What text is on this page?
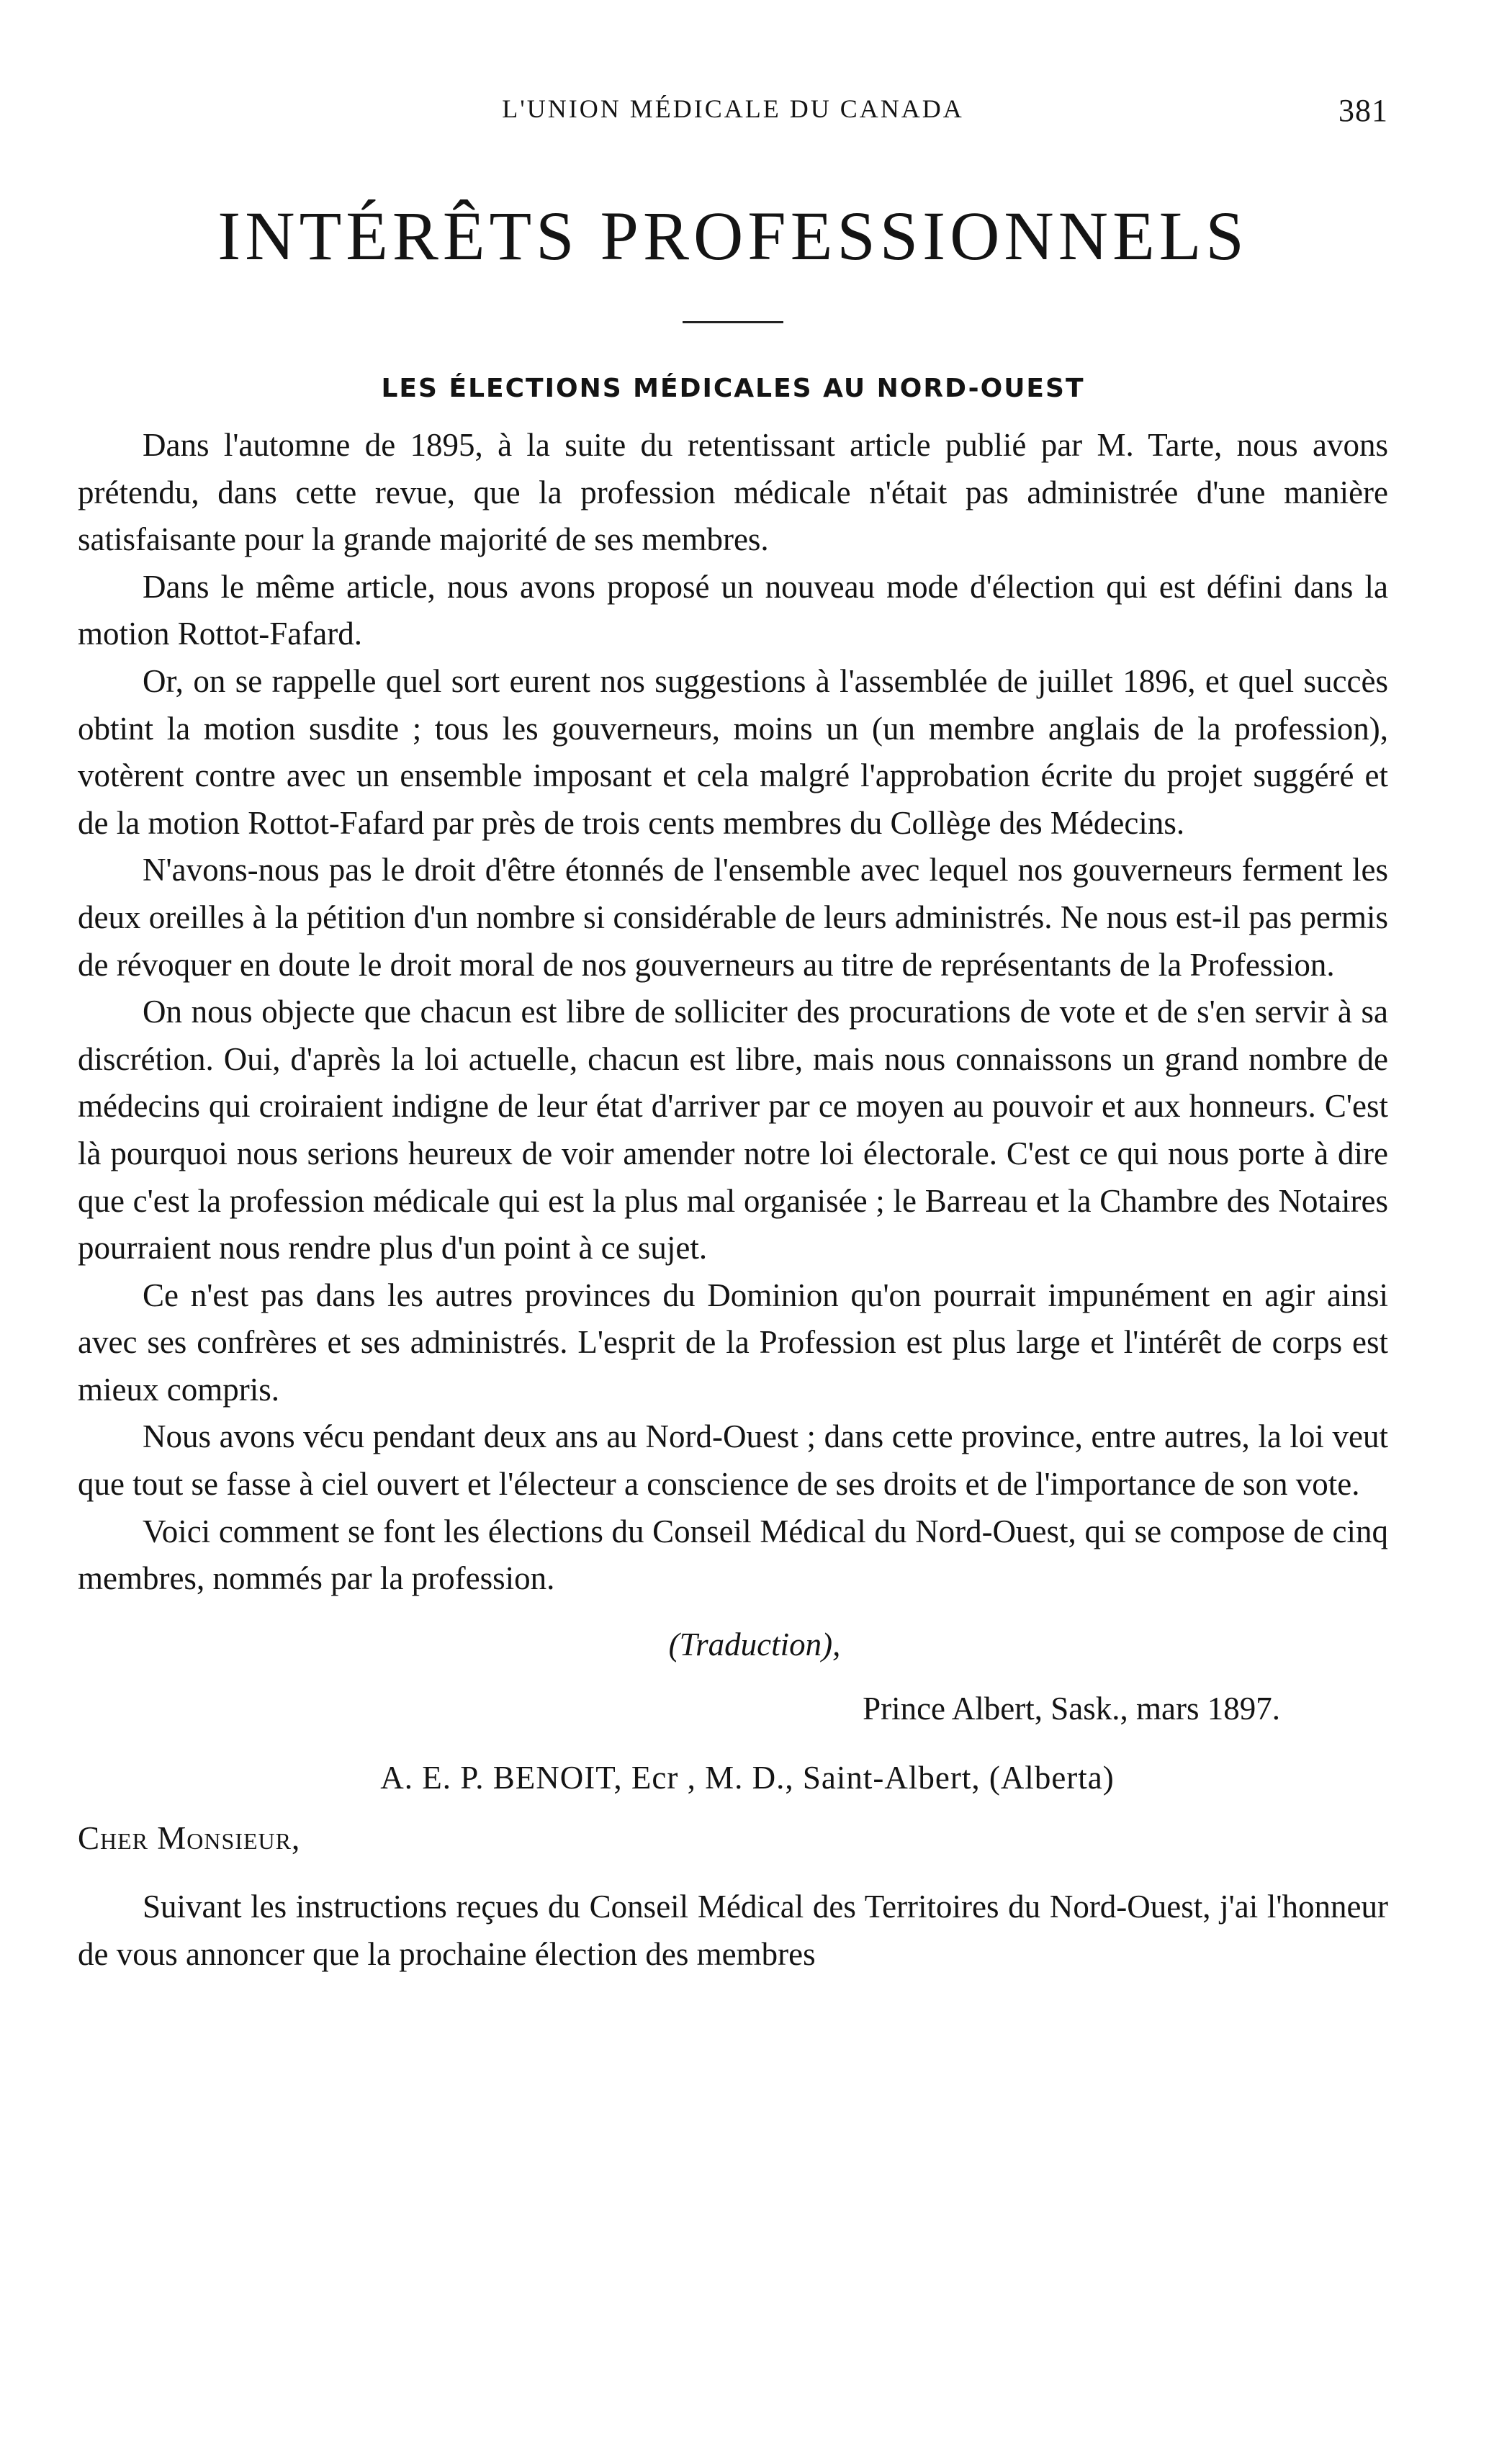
L'UNION MÉDICALE DU CANADA	381
INTÉRÊTS PROFESSIONNELS
LES ÉLECTIONS MÉDICALES AU NORD-OUEST

Dans l'automne de 1895, à la suite du retentissant article publié par M. Tarte, nous avons prétendu, dans cette revue, que la profession médicale n'était pas administrée d'une manière satisfaisante pour la grande majorité de ses membres.

Dans le même article, nous avons proposé un nouveau mode d'élection qui est défini dans la motion Rottot-Fafard.

Or, on se rappelle quel sort eurent nos suggestions à l'assemblée de juillet 1896, et quel succès obtint la motion susdite ; tous les gouverneurs, moins un (un membre anglais de la profession), votèrent contre avec un ensemble imposant et cela malgré l'approbation écrite du projet suggéré et de la motion Rottot-Fafard par près de trois cents membres du Collège des Médecins.

N'avons-nous pas le droit d'être étonnés de l'ensemble avec lequel nos gouverneurs ferment les deux oreilles à la pétition d'un nombre si considérable de leurs administrés. Ne nous est-il pas permis de révoquer en doute le droit moral de nos gouverneurs au titre de représentants de la Profession.

On nous objecte que chacun est libre de solliciter des procurations de vote et de s'en servir à sa discrétion. Oui, d'après la loi actuelle, chacun est libre, mais nous connaissons un grand nombre de médecins qui croiraient indigne de leur état d'arriver par ce moyen au pouvoir et aux honneurs. C'est là pourquoi nous serions heureux de voir amender notre loi électorale. C'est ce qui nous porte à dire que c'est la profession médicale qui est la plus mal organisée ; le Barreau et la Chambre des Notaires pourraient nous rendre plus d'un point à ce sujet.

Ce n'est pas dans les autres provinces du Dominion qu'on pourrait impunément en agir ainsi avec ses confrères et ses administrés. L'esprit de la Profession est plus large et l'intérêt de corps est mieux compris.

Nous avons vécu pendant deux ans au Nord-Ouest ; dans cette province, entre autres, la loi veut que tout se fasse à ciel ouvert et l'électeur a conscience de ses droits et de l'importance de son vote.

Voici comment se font les élections du Conseil Médical du Nord-Ouest, qui se compose de cinq membres, nommés par la profession.

(Traduction),
Prince Albert, Sask., mars 1897.
A. E. P. BENOIT, Ecr , M. D., Saint-Albert, (Alberta)
Cher Monsieur,
Suivant les instructions reçues du Conseil Médical des Territoires du Nord-Ouest, j'ai l'honneur de vous annoncer que la prochaine élection des membres
